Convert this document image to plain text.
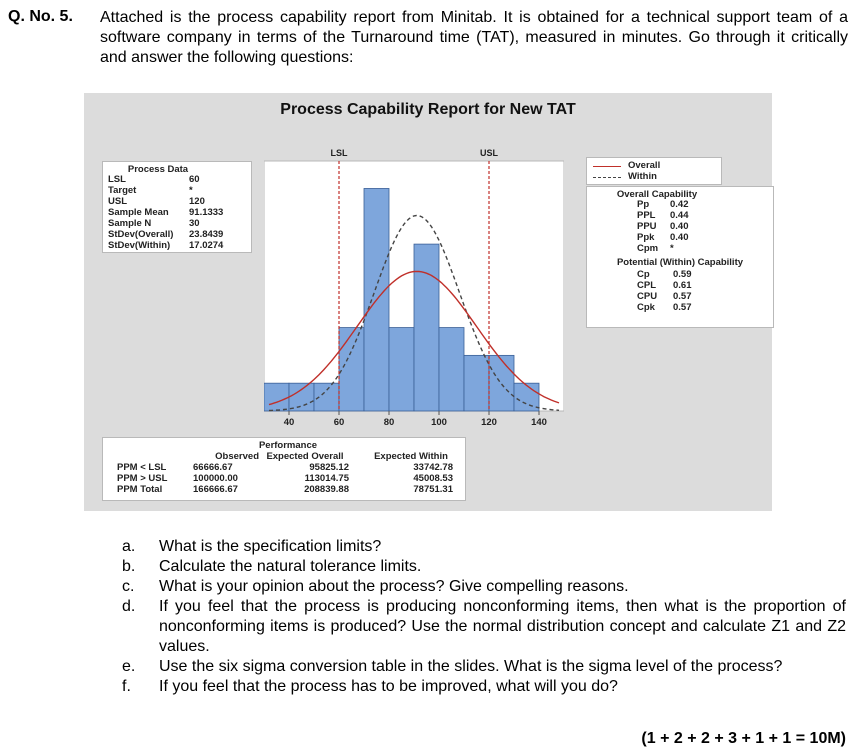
Q. No. 5. Attached is the process capability report from Minitab. It is obtained for a technical support team of a software company in terms of the Turnaround time (TAT), measured in minutes. Go through it critically and answer the following questions:
Process Capability Report for New TAT
LSL	USL
40	60	80	100	120	140
Process Data
LSL	60
Target	*
USL	120
Sample Mean 91.1333
Sample N	30
StDev(Overall) 23.8439
StDev(Within) 17.0274
Overall
Within
Overall Capability
Pp 0.42
PPL 0.44
PPU 0.40
Ppk 0.40
Cpm *
Potential (Within) Capability
Cp 0.59
CPL 0.61
CPU 0.57
Cpk 0.57
Performance
Observed Expected Overall	Expected Within
PPM < LSL	66666.67	95825.12	33742.78
PPM > USL	100000.00	113014.75	45008.53
PPM Total	166666.67	208839.88	78751.31
a.	What is the specification limits?
b.	Calculate the natural tolerance limits.
c.	What is your opinion about the process? Give compelling reasons.
d.	If you feel that the process is producing nonconforming items, then what is the proportion of nonconforming items is produced? Use the normal distribution concept and calculate Z1 and Z2 values.
e.	Use the six sigma conversion table in the slides. What is the sigma level of the process?
f.	If you feel that the process has to be improved, what will you do?
(1 + 2 + 2 + 3 + 1 + 1 = 10M)
